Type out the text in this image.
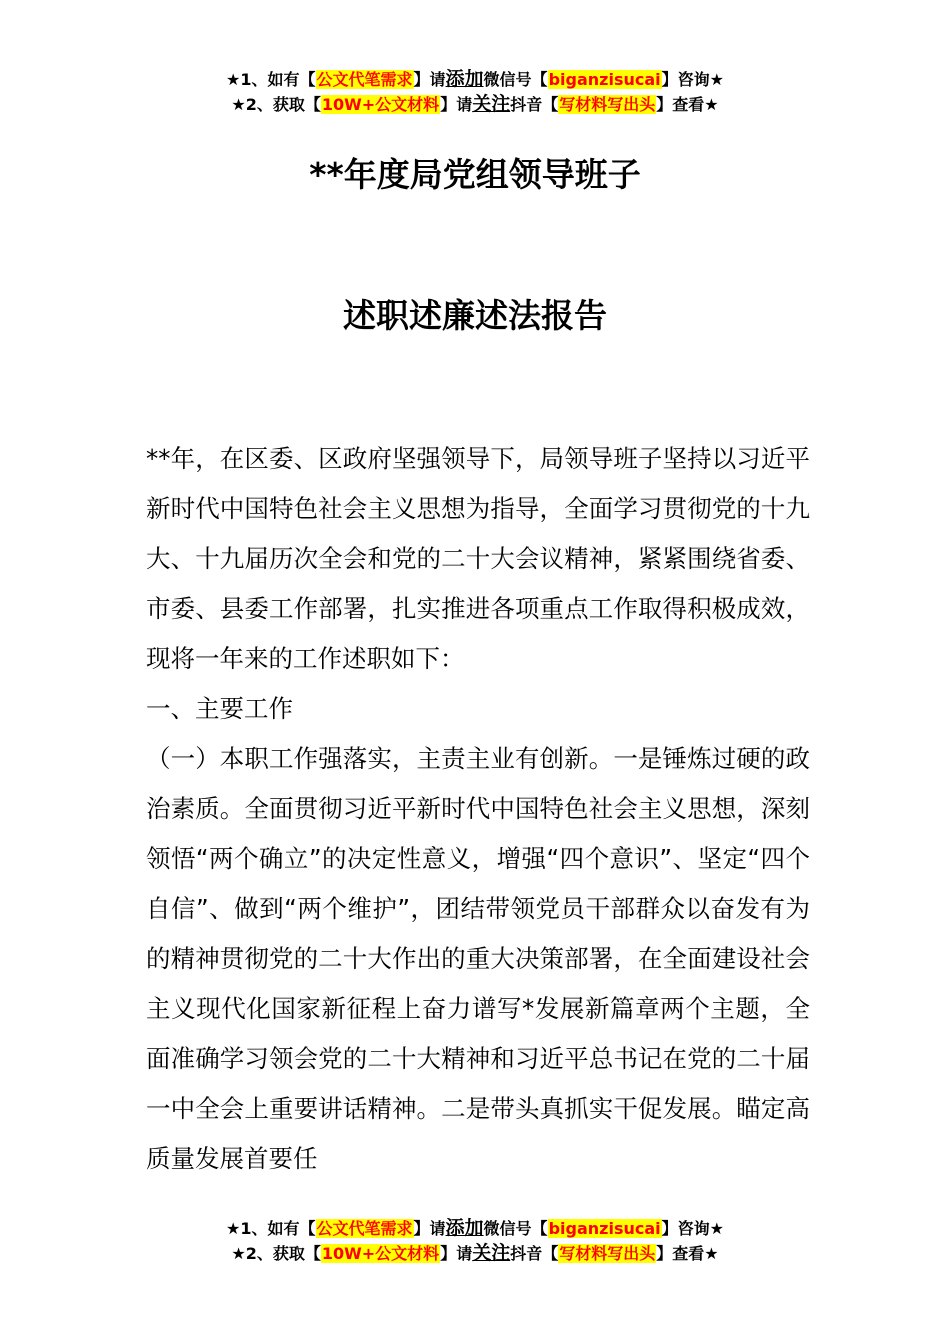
★1、如有【公文代笔需求】请添加微信号【biganzisucai】咨询★
★2、获取【10W+公文材料】请关注抖音【写材料写出头】查看★
**年度局党组领导班子
述职述廉述法报告

**年，在区委、区政府坚强领导下，局领导班子坚持以习近平新时代中国特色社会主义思想为指导，全面学习贯彻党的十九大、十九届历次全会和党的二十大会议精神，紧紧围绕省委、市委、县委工作部署，扎实推进各项重点工作取得积极成效，现将一年来的工作述职如下：

一、主要工作

（一）本职工作强落实，主责主业有创新。一是锤炼过硬的政治素质。全面贯彻习近平新时代中国特色社会主义思想，深刻领悟“两个确立”的决定性意义，增强“四个意识”、坚定“四个自信”、做到“两个维护”，团结带领党员干部群众以奋发有为的精神贯彻党的二十大作出的重大决策部署，在全面建设社会主义现代化国家新征程上奋力谱写*发展新篇章两个主题，全面准确学习领会党的二十大精神和习近平总书记在党的二十届一中全会上重要讲话精神。二是带头真抓实干促发展。瞄定高质量发展首要任

★1、如有【公文代笔需求】请添加微信号【biganzisucai】咨询★
★2、获取【10W+公文材料】请关注抖音【写材料写出头】查看★
